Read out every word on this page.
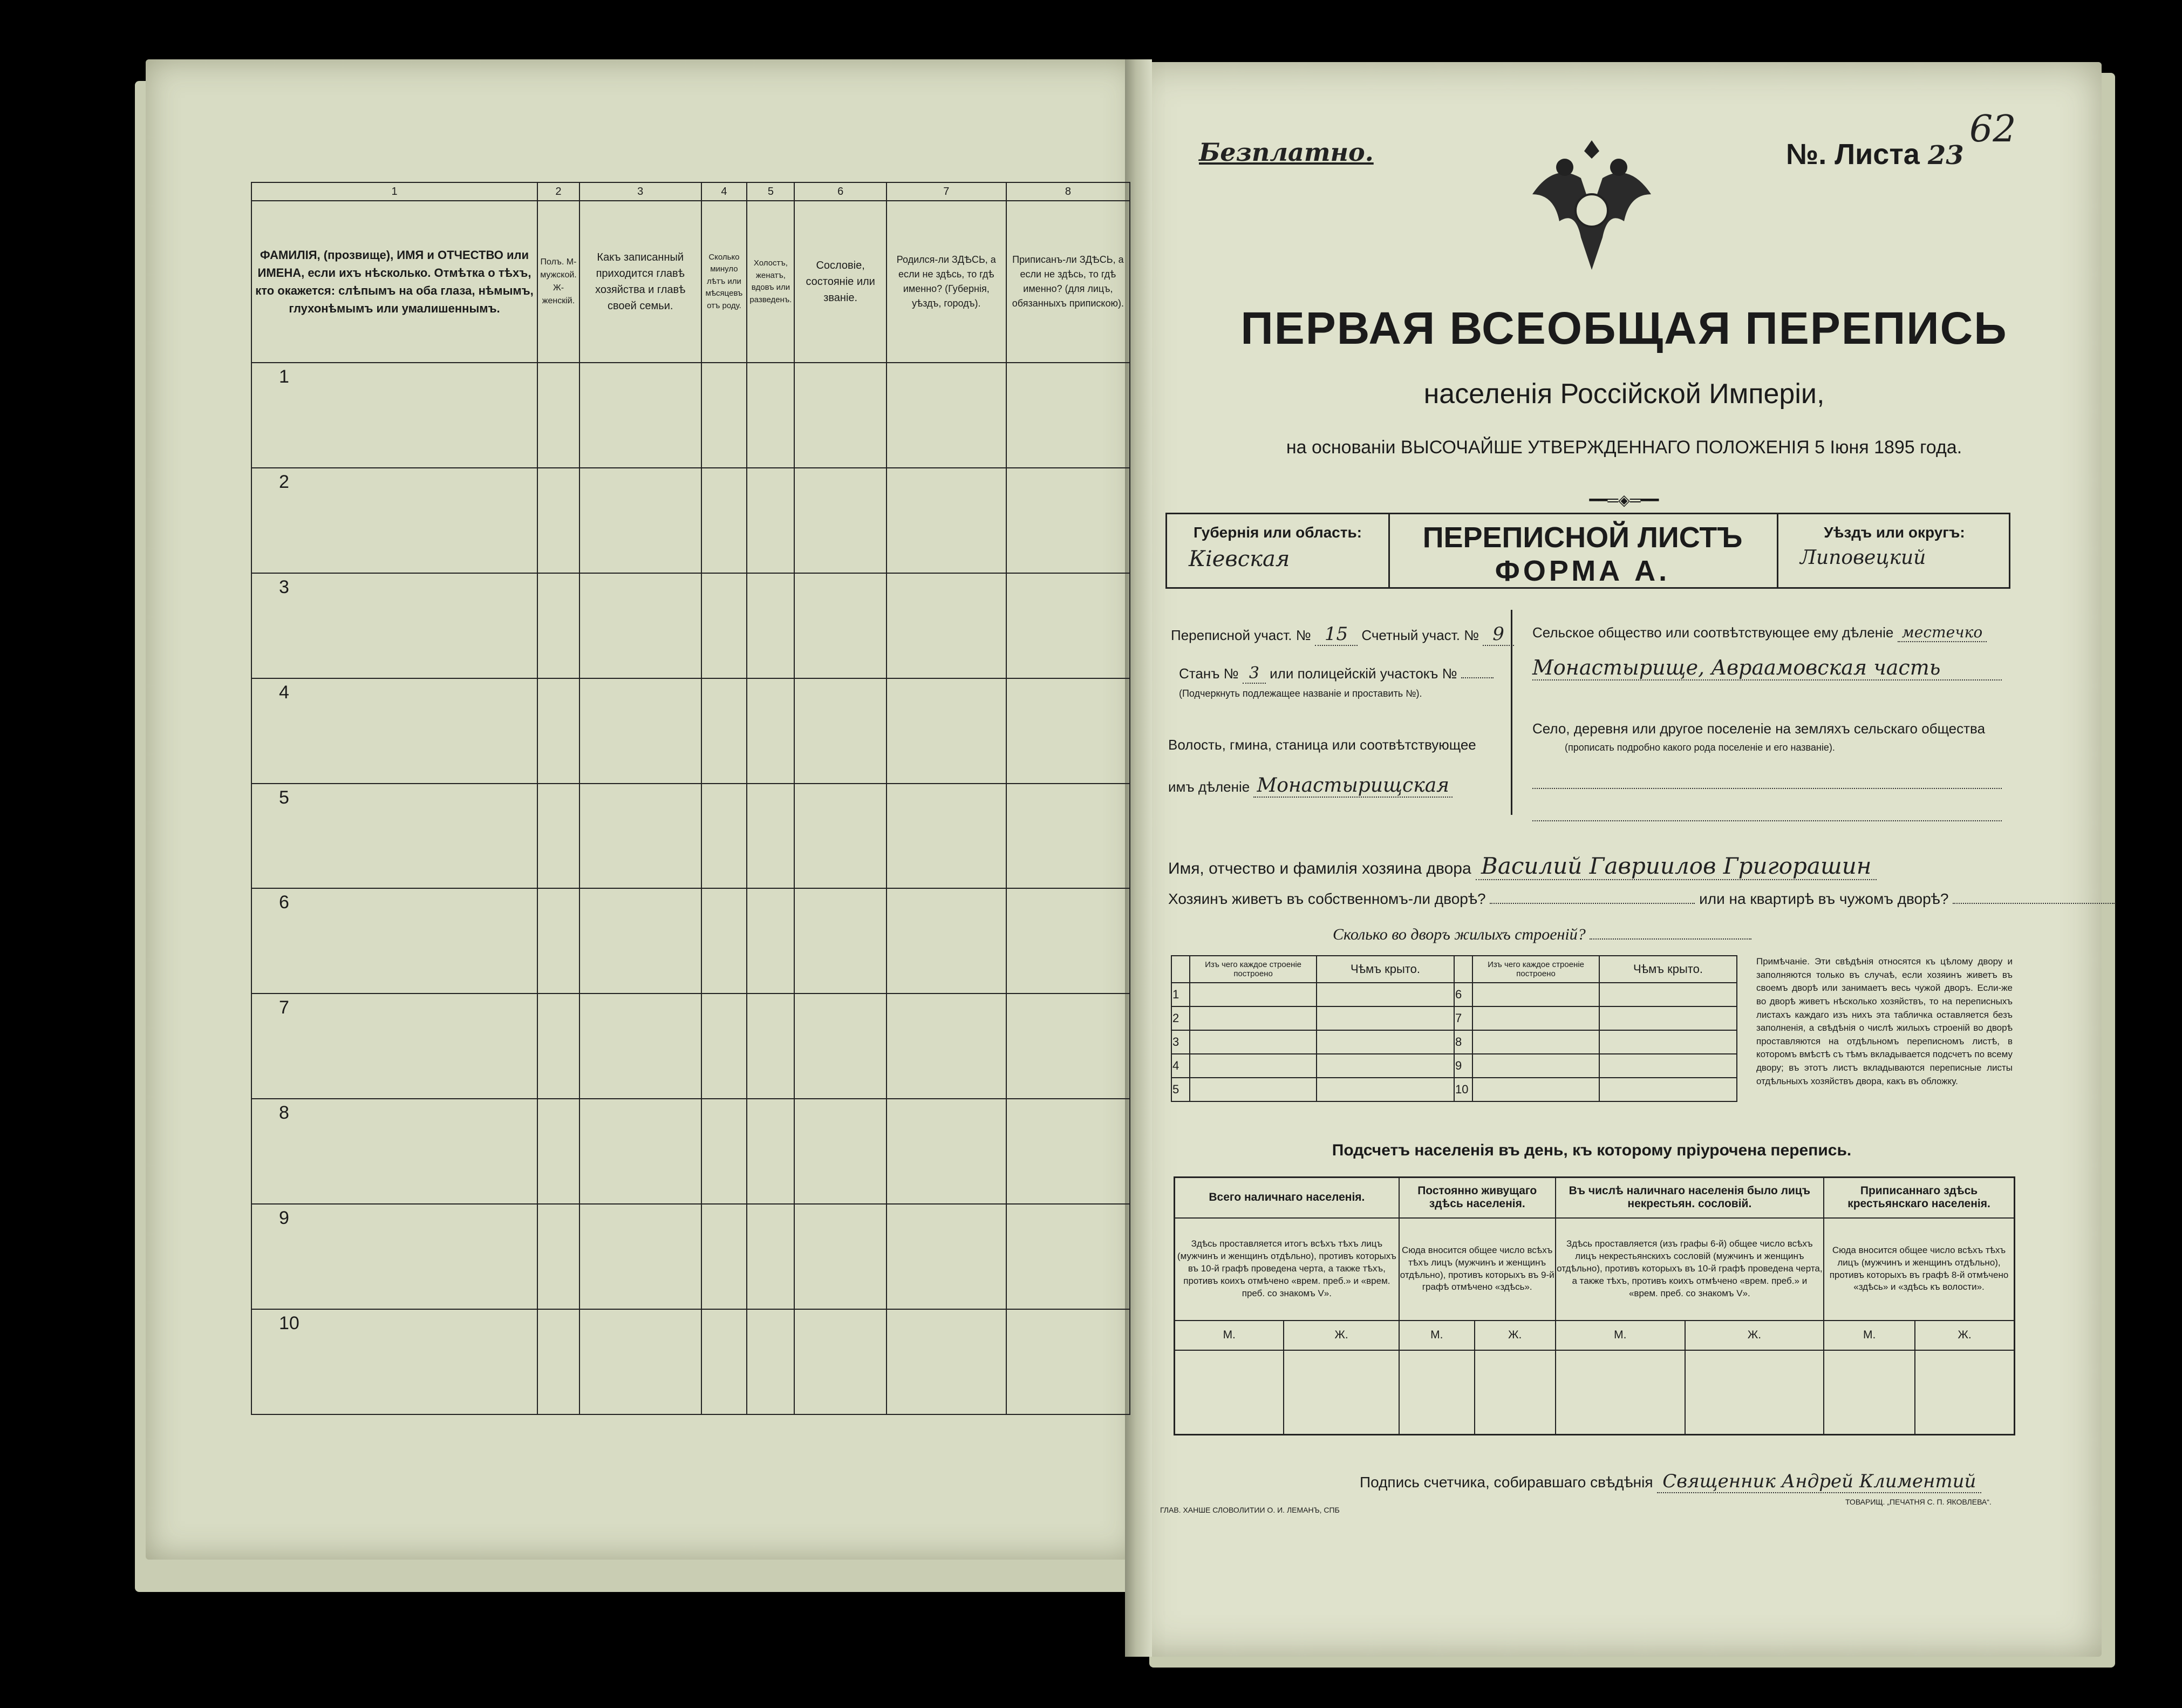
1	2	3	4	5	6	7	8
ФАМИЛІЯ, (прозвище), ИМЯ и ОТЧЕСТВО или ИМЕНА, если ихъ нѣсколько. Отмѣтка о тѣхъ, кто окажется: слѣпымъ на оба глаза, нѣмымъ, глухонѣмымъ или умалишеннымъ.	Полъ. М-мужской. Ж-женскій.	Какъ записанный приходится главѣ хозяйства и главѣ своей семьи.	Сколько минуло лѣтъ или мѣсяцевъ отъ роду.	Холостъ, женатъ, вдовъ или разведенъ.	Сословіе, состояніе или званіе.	Родился-ли ЗДѢСЬ, а если не здѣсь, то гдѣ именно? (Губернія, уѣздъ, городъ).	Приписанъ-ли ЗДѢСЬ, а если не здѣсь, то гдѣ именно? (для лицъ, обязанныхъ припискою).
1							
2							
3							
4							
5							
6							
7							
8							
9							
10							
Безплатно.	№. Листа 23
62
ПЕРВАЯ ВСЕОБЩАЯ ПЕРЕПИСЬ
населенія Россійской Имперіи,
на основаніи ВЫСОЧАЙШЕ УТВЕРЖДЕННАГО ПОЛОЖЕНІЯ 5 Іюня 1895 года.
━━═◈═━━
Губернія или область:
Кіевская
ПЕРЕПИСНОЙ ЛИСТЪ
ФОРМА А.
Уѣздъ или округъ:
Липовецкий
Переписной участ. № 15 Счетный участ. № 9
Станъ № 3 или полицейскій участокъ №
(Подчеркнуть подлежащее названіе и проставить №).
Волость, гмина, станица или соотвѣтствующее
имъ дѣленіе Монастырищская
Сельское общество или соотвѣтствующее ему дѣленіе местечко
Монастырище, Авраамовская часть
Село, деревня или другое поселеніе на земляхъ сельскаго общества
(прописать подробно какого рода поселеніе и его названіе).
Имя, отчество и фамилія хозяина двора Василий Гавриилов Григорашин
Хозяинъ живетъ въ собственномъ-ли дворѣ?	или на квартирѣ въ чужомъ дворѣ?
Сколько во дворъ жилыхъ строеній?
	Изъ чего каждое строеніе построено	Чѣмъ крыто.		Изъ чего каждое строеніе построено	Чѣмъ крыто.
1			6		
2			7		
3			8		
4			9		
5			10		
Примѣчаніе. Эти свѣдѣнія относятся къ цѣлому двору и заполняются только въ случаѣ, если хозяинъ живетъ въ своемъ дворѣ или занимаетъ весь чужой дворъ. Если-же во дворѣ живетъ нѣсколько хозяйствъ, то на переписныхъ листахъ каждаго изъ нихъ эта табличка оставляется безъ заполненія, а свѣдѣнія о числѣ жилыхъ строеній во дворѣ проставляются на отдѣльномъ переписномъ листѣ, в которомъ вмѣстѣ съ тѣмъ вкладывается подсчетъ по всему двору; въ этотъ листъ вкладываются переписные листы отдѣльныхъ хозяйствъ двора, какъ въ обложку.
Подсчетъ населенія въ день, къ которому пріурочена перепись.
Всего наличнаго населенія.		Постоянно живущаго здѣсь населенія.		Въ числѣ наличнаго населенія было лицъ некрестьян. сословій.		Приписаннаго здѣсь крестьянскаго населенія.	
Здѣсь проставляется итогъ всѣхъ тѣхъ лицъ (мужчинъ и женщинъ отдѣльно), противъ которыхъ въ 10-й графѣ проведена черта, а также тѣхъ, противъ коихъ отмѣчено «врем. преб.» и «врем. преб. со знакомъ V».		Сюда вносится общее число всѣхъ тѣхъ лицъ (мужчинъ и женщинъ отдѣльно), противъ которыхъ въ 9-й графѣ отмѣчено «здѣсь».		Здѣсь проставляется (изъ графы 6-й) общее число всѣхъ лицъ некрестьянскихъ сословій (мужчинъ и женщинъ отдѣльно), противъ которыхъ въ 10-й графѣ проведена черта, а также тѣхъ, противъ коихъ отмѣчено «врем. преб.» и «врем. преб. со знакомъ V».		Сюда вносится общее число всѣхъ тѣхъ лицъ (мужчинъ и женщинъ отдѣльно), противъ которыхъ въ графѣ 8-й отмѣчено «здѣсь» и «здѣсь къ волости».	
М.	Ж.	М.	Ж.	М.	Ж.	М.	Ж.

Подпись счетчика, собиравшаго свѣдѣнія Священник Андрей Климентий
ГЛАВ. ХАНШЕ СЛОВОЛИТИИ О. И. ЛЕМАНЪ, СПБ
ТОВАРИЩ. „ПЕЧАТНЯ С. П. ЯКОВЛЕВА“.
